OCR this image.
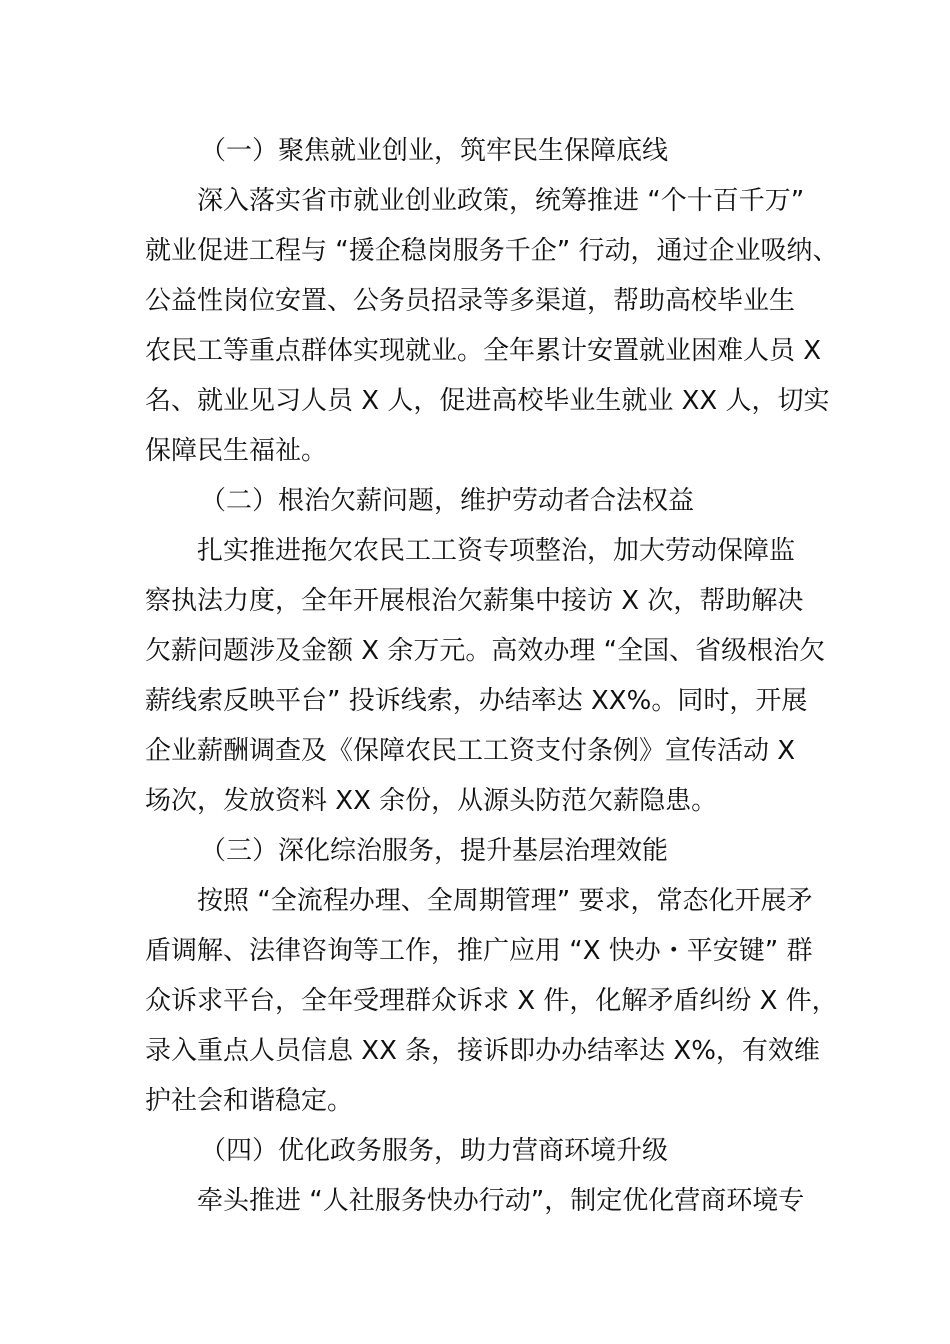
（一）聚焦就业创业，筑牢民生保障底线
深入落实省市就业创业政策，统筹推进 “个十百千万”
就业促进工程与 “援企稳岗服务千企” 行动，通过企业吸纳、
公益性岗位安置、公务员招录等多渠道，帮助高校毕业生
农民工等重点群体实现就业。全年累计安置就业困难人员 X
名、就业见习人员 X 人，促进高校毕业生就业 XX 人，切实
保障民生福祉。
（二）根治欠薪问题，维护劳动者合法权益
扎实推进拖欠农民工工资专项整治，加大劳动保障监
察执法力度，全年开展根治欠薪集中接访 X 次，帮助解决
欠薪问题涉及金额 X 余万元。高效办理 “全国、省级根治欠
薪线索反映平台” 投诉线索，办结率达 XX%。同时，开展
企业薪酬调查及《保障农民工工资支付条例》宣传活动 X
场次，发放资料 XX 余份，从源头防范欠薪隐患。
（三）深化综治服务，提升基层治理效能
按照 “全流程办理、全周期管理” 要求，常态化开展矛
盾调解、法律咨询等工作，推广应用 “X 快办・平安键” 群
众诉求平台，全年受理群众诉求 X 件，化解矛盾纠纷 X 件，
录入重点人员信息 XX 条，接诉即办办结率达 X%，有效维
护社会和谐稳定。
（四）优化政务服务，助力营商环境升级
牵头推进 “人社服务快办行动”，制定优化营商环境专
